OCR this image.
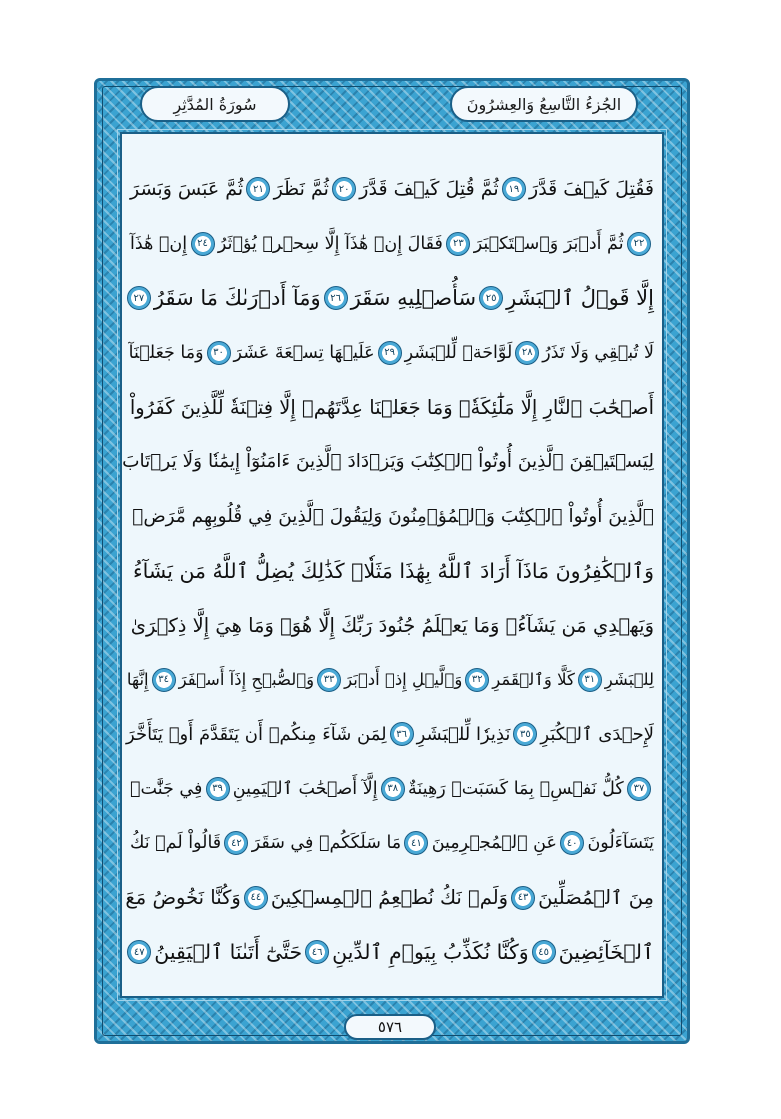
سُورَةُ المُدَّثِرِ	الجُزءُ التَّاسِعُ وَالعِشرُونَ
فَقُتِلَ كَيۡفَ قَدَّرَ
١٩
ثُمَّ قُتِلَ كَيۡفَ قَدَّرَ
٢٠
ثُمَّ نَظَرَ
٢١
ثُمَّ عَبَسَ وَبَسَرَ
٢٢
ثُمَّ أَدۡبَرَ وَٱسۡتَكۡبَرَ
٢٣
فَقَالَ إِنۡ هَٰذَآ إِلَّا سِحۡرٞ يُؤۡثَرُ
٢٤
إِنۡ هَٰذَآ
إِلَّا قَوۡلُ ٱلۡبَشَرِ
٢٥
سَأُصۡلِيهِ سَقَرَ
٢٦
وَمَآ أَدۡرَىٰكَ مَا سَقَرُ
٢٧
لَا تُبۡقِي وَلَا تَذَرُ
٢٨
لَوَّاحَةٞ لِّلۡبَشَرِ
٢٩
عَلَيۡهَا تِسۡعَةَ عَشَرَ
٣٠
وَمَا جَعَلۡنَآ
أَصۡحَٰبَ ٱلنَّارِ إِلَّا مَلَٰٓئِكَةٗۖ وَمَا جَعَلۡنَا عِدَّتَهُمۡ إِلَّا فِتۡنَةٗ لِّلَّذِينَ كَفَرُواْ
لِيَسۡتَيۡقِنَ ٱلَّذِينَ أُوتُواْ ٱلۡكِتَٰبَ وَيَزۡدَادَ ٱلَّذِينَ ءَامَنُوٓاْ إِيمَٰنٗا وَلَا يَرۡتَابَ
ٱلَّذِينَ أُوتُواْ ٱلۡكِتَٰبَ وَٱلۡمُؤۡمِنُونَ وَلِيَقُولَ ٱلَّذِينَ فِي قُلُوبِهِم مَّرَضٞ
وَٱلۡكَٰفِرُونَ مَاذَآ أَرَادَ ٱللَّهُ بِهَٰذَا مَثَلٗاۚ كَذَٰلِكَ يُضِلُّ ٱللَّهُ مَن يَشَآءُ
وَيَهۡدِي مَن يَشَآءُۚ وَمَا يَعۡلَمُ جُنُودَ رَبِّكَ إِلَّا هُوَۚ وَمَا هِيَ إِلَّا ذِكۡرَىٰ
لِلۡبَشَرِ
٣١
كَلَّا وَٱلۡقَمَرِ
٣٢
وَٱلَّيۡلِ إِذۡ أَدۡبَرَ
٣٣
وَٱلصُّبۡحِ إِذَآ أَسۡفَرَ
٣٤
إِنَّهَا
لَإِحۡدَى ٱلۡكُبَرِ
٣٥
نَذِيرٗا لِّلۡبَشَرِ
٣٦
لِمَن شَآءَ مِنكُمۡ أَن يَتَقَدَّمَ أَوۡ يَتَأَخَّرَ
٣٧
كُلُّ نَفۡسِۭ بِمَا كَسَبَتۡ رَهِينَةٌ
٣٨
إِلَّآ أَصۡحَٰبَ ٱلۡيَمِينِ
٣٩
فِي جَنَّٰتٖ
يَتَسَآءَلُونَ
٤٠
عَنِ ٱلۡمُجۡرِمِينَ
٤١
مَا سَلَكَكُمۡ فِي سَقَرَ
٤٢
قَالُواْ لَمۡ نَكُ
مِنَ ٱلۡمُصَلِّينَ
٤٣
وَلَمۡ نَكُ نُطۡعِمُ ٱلۡمِسۡكِينَ
٤٤
وَكُنَّا نَخُوضُ مَعَ
ٱلۡخَآئِضِينَ
٤٥
وَكُنَّا نُكَذِّبُ بِيَوۡمِ ٱلدِّينِ
٤٦
حَتَّىٰٓ أَتَىٰنَا ٱلۡيَقِينُ
٤٧
٥٧٦
